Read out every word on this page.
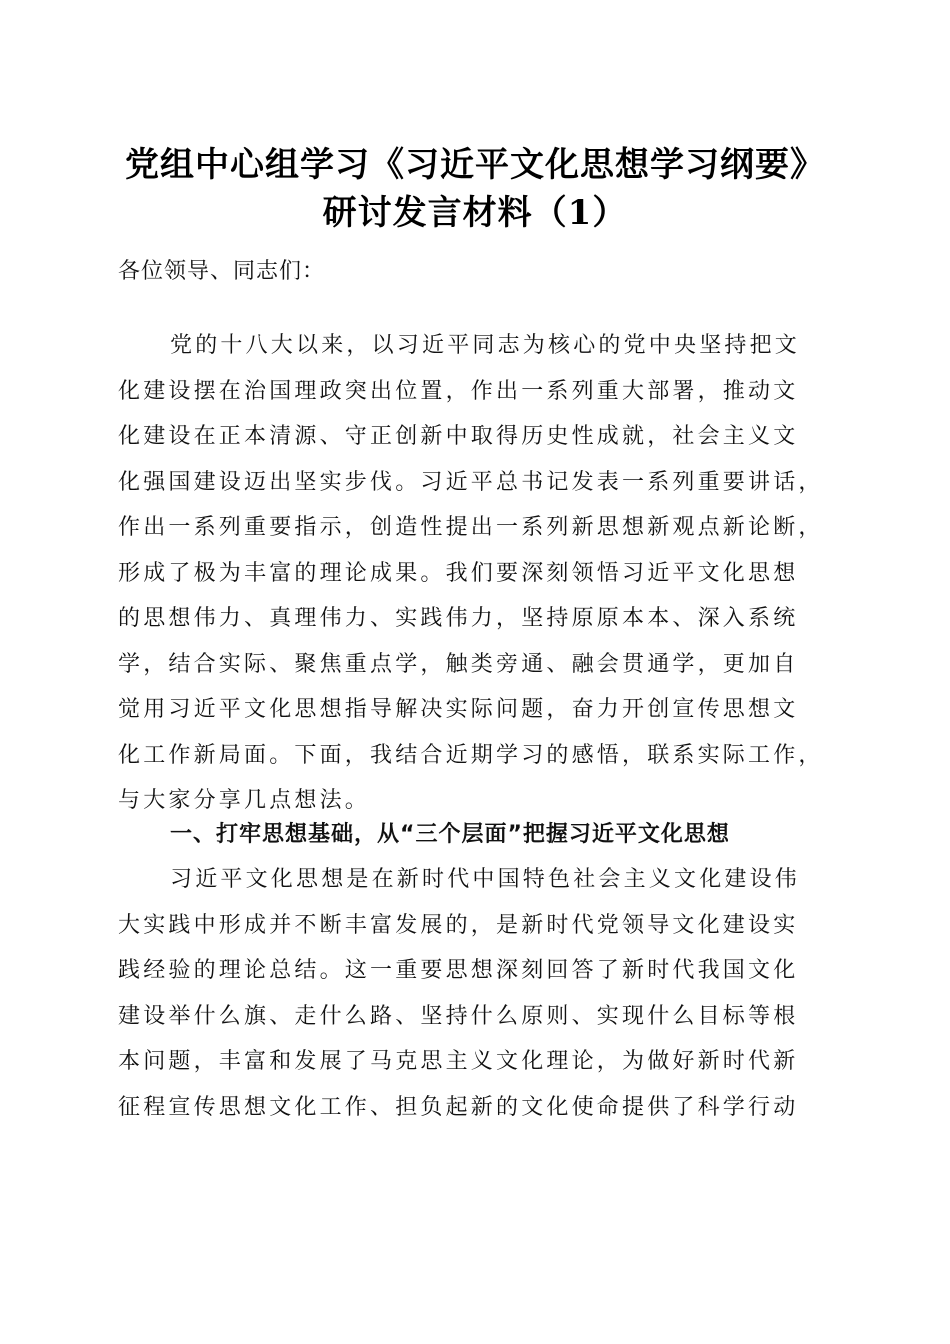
党组中心组学习《习近平文化思想学习纲要》
研讨发言材料（1）
各位领导、同志们：
党的十八大以来，以习近平同志为核心的党中央坚持把文
化建设摆在治国理政突出位置，作出一系列重大部署，推动文
化建设在正本清源、守正创新中取得历史性成就，社会主义文
化强国建设迈出坚实步伐。习近平总书记发表一系列重要讲话，
作出一系列重要指示，创造性提出一系列新思想新观点新论断，
形成了极为丰富的理论成果。我们要深刻领悟习近平文化思想
的思想伟力、真理伟力、实践伟力，坚持原原本本、深入系统
学，结合实际、聚焦重点学，触类旁通、融会贯通学，更加自
觉用习近平文化思想指导解决实际问题，奋力开创宣传思想文
化工作新局面。下面，我结合近期学习的感悟，联系实际工作，
与大家分享几点想法。
一、打牢思想基础，从“三个层面”把握习近平文化思想
习近平文化思想是在新时代中国特色社会主义文化建设伟
大实践中形成并不断丰富发展的，是新时代党领导文化建设实
践经验的理论总结。这一重要思想深刻回答了新时代我国文化
建设举什么旗、走什么路、坚持什么原则、实现什么目标等根
本问题，丰富和发展了马克思主义文化理论，为做好新时代新
征程宣传思想文化工作、担负起新的文化使命提供了科学行动
